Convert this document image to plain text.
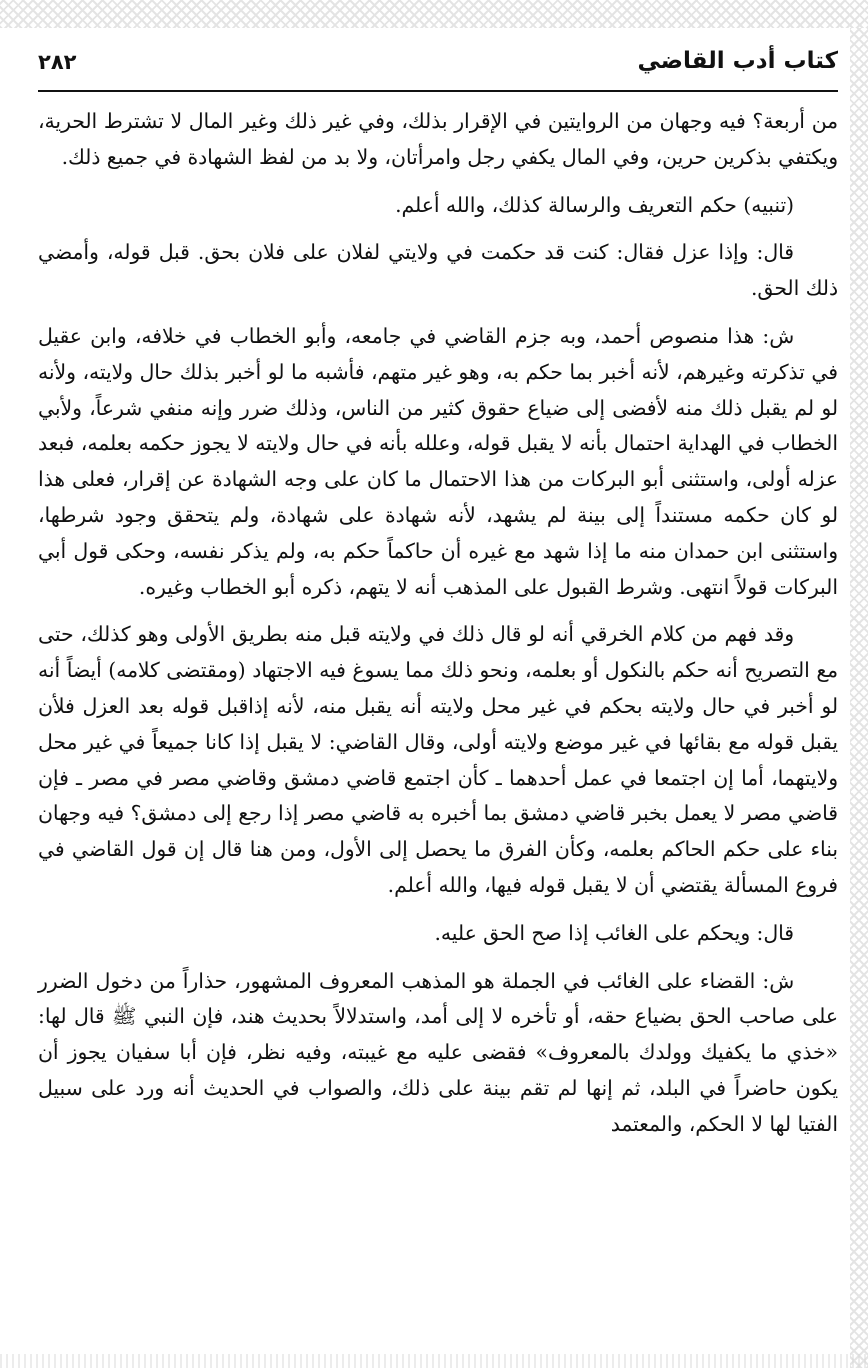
كتاب أدب القاضي
٢٨٢

من أربعة؟ فيه وجهان من الروايتين في الإقرار بذلك، وفي غير ذلك وغير المال لا تشترط الحرية، ويكتفي بذكرين حرين، وفي المال يكفي رجل وامرأتان، ولا بد من لفظ الشهادة في جميع ذلك.

(تنبيه) حكم التعريف والرسالة كذلك، والله أعلم.

قال: وإذا عزل فقال: كنت قد حكمت في ولايتي لفلان على فلان بحق. قبل قوله، وأمضي ذلك الحق.

ش: هذا منصوص أحمد، وبه جزم القاضي في جامعه، وأبو الخطاب في خلافه، وابن عقيل في تذكرته وغيرهم، لأنه أخبر بما حكم به، وهو غير متهم، فأشبه ما لو أخبر بذلك حال ولايته، ولأنه لو لم يقبل ذلك منه لأفضى إلى ضياع حقوق كثير من الناس، وذلك ضرر وإنه منفي شرعاً، ولأبي الخطاب في الهداية احتمال بأنه لا يقبل قوله، وعلله بأنه في حال ولايته لا يجوز حكمه بعلمه، فبعد عزله أولى، واستثنى أبو البركات من هذا الاحتمال ما كان على وجه الشهادة عن إقرار، فعلى هذا لو كان حكمه مستنداً إلى بينة لم يشهد، لأنه شهادة على شهادة، ولم يتحقق وجود شرطها، واستثنى ابن حمدان منه ما إذا شهد مع غيره أن حاكماً حكم به، ولم يذكر نفسه، وحكى قول أبي البركات قولاً انتهى. وشرط القبول على المذهب أنه لا يتهم، ذكره أبو الخطاب وغيره.

وقد فهم من كلام الخرقي أنه لو قال ذلك في ولايته قبل منه بطريق الأولى وهو كذلك، حتى مع التصريح أنه حكم بالنكول أو بعلمه، ونحو ذلك مما يسوغ فيه الاجتهاد (ومقتضى كلامه) أيضاً أنه لو أخبر في حال ولايته بحكم في غير محل ولايته أنه يقبل منه، لأنه إذاقبل قوله بعد العزل فلأن يقبل قوله مع بقائها في غير موضع ولايته أولى، وقال القاضي: لا يقبل إذا كانا جميعاً في غير محل ولايتهما، أما إن اجتمعا في عمل أحدهما ـ كأن اجتمع قاضي دمشق وقاضي مصر في مصر ـ فإن قاضي مصر لا يعمل بخبر قاضي دمشق بما أخبره به قاضي مصر إذا رجع إلى دمشق؟ فيه وجهان بناء على حكم الحاكم بعلمه، وكأن الفرق ما يحصل إلى الأول، ومن هنا قال إن قول القاضي في فروع المسألة يقتضي أن لا يقبل قوله فيها، والله أعلم.

قال: ويحكم على الغائب إذا صح الحق عليه.

ش: القضاء على الغائب في الجملة هو المذهب المعروف المشهور، حذاراً من دخول الضرر على صاحب الحق بضياع حقه، أو تأخره لا إلى أمد، واستدلالاً بحديث هند، فإن النبي ﷺ قال لها: «خذي ما يكفيك وولدك بالمعروف» فقضى عليه مع غيبته، وفيه نظر، فإن أبا سفيان يجوز أن يكون حاضراً في البلد، ثم إنها لم تقم بينة على ذلك، والصواب في الحديث أنه ورد على سبيل الفتيا لها لا الحكم، والمعتمد
